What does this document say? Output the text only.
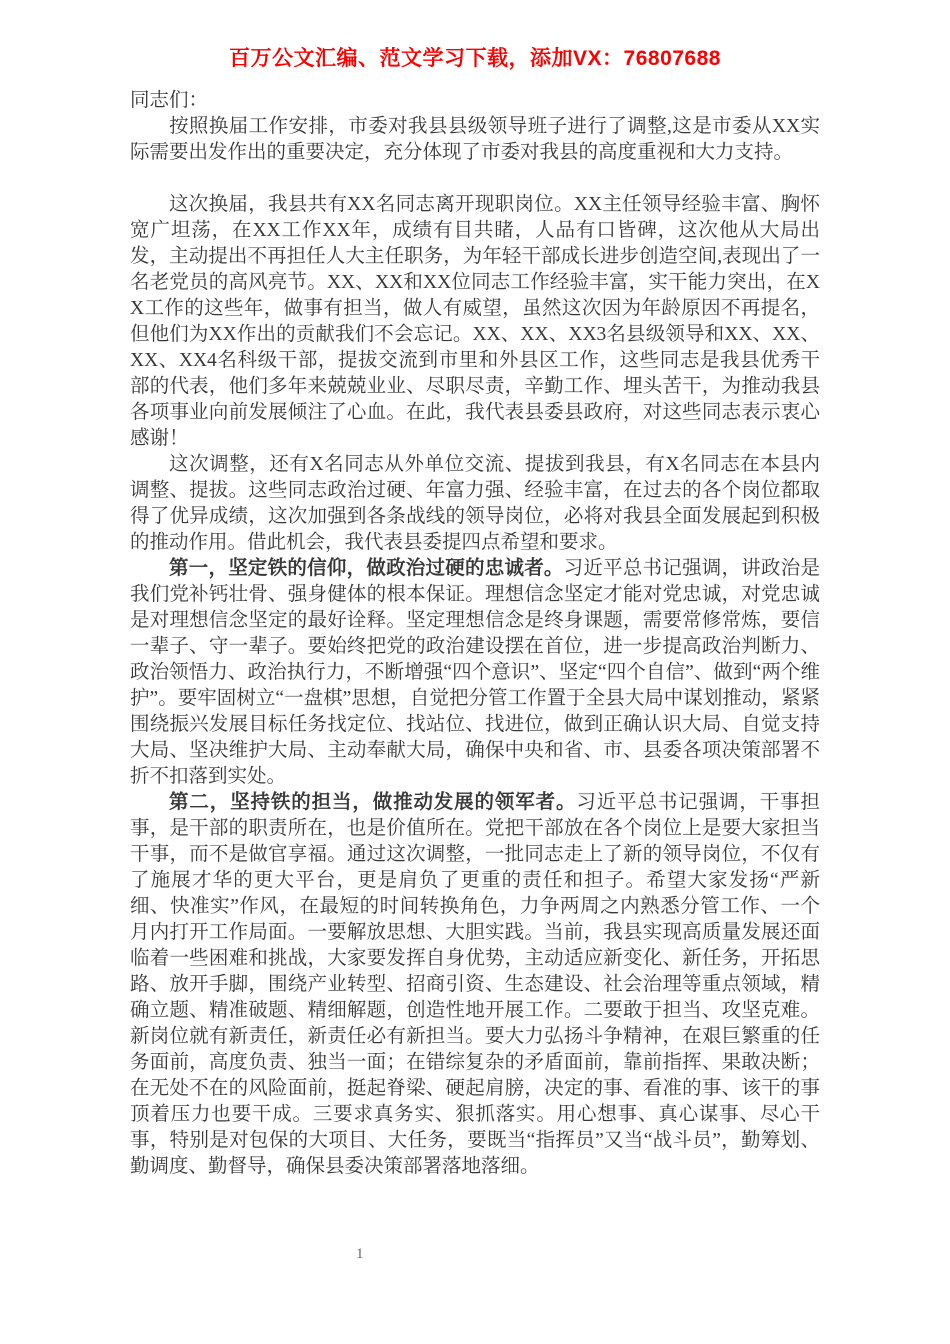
百万公文汇编、范文学习下载，添加VX：76807688

同志们：

按照换届工作安排，市委对我县县级领导班子进行了调整,这是市委从XX实际需要出发作出的重要决定，充分体现了市委对我县的高度重视和大力支持。

这次换届，我县共有XX名同志离开现职岗位。XX主任领导经验丰富、胸怀宽广坦荡，在XX工作XX年，成绩有目共睹，人品有口皆碑，这次他从大局出发，主动提出不再担任人大主任职务，为年轻干部成长进步创造空间,表现出了一名老党员的高风亮节。XX、XX和XX位同志工作经验丰富，实干能力突出，在XX工作的这些年，做事有担当，做人有威望，虽然这次因为年龄原因不再提名，但他们为XX作出的贡献我们不会忘记。XX、XX、XX3名县级领导和XX、XX、XX、XX4名科级干部，提拔交流到市里和外县区工作，这些同志是我县优秀干部的代表，他们多年来兢兢业业、尽职尽责，辛勤工作、埋头苦干，为推动我县各项事业向前发展倾注了心血。在此，我代表县委县政府，对这些同志表示衷心感谢！

这次调整，还有X名同志从外单位交流、提拔到我县，有X名同志在本县内调整、提拔。这些同志政治过硬、年富力强、经验丰富，在过去的各个岗位都取得了优异成绩，这次加强到各条战线的领导岗位，必将对我县全面发展起到积极的推动作用。借此机会，我代表县委提四点希望和要求。

第一，坚定铁的信仰，做政治过硬的忠诚者。习近平总书记强调，讲政治是我们党补钙壮骨、强身健体的根本保证。理想信念坚定才能对党忠诚，对党忠诚是对理想信念坚定的最好诠释。坚定理想信念是终身课题，需要常修常炼，要信一辈子、守一辈子。要始终把党的政治建设摆在首位，进一步提高政治判断力、政治领悟力、政治执行力，不断增强“四个意识”、坚定“四个自信”、做到“两个维护”。要牢固树立“一盘棋”思想，自觉把分管工作置于全县大局中谋划推动，紧紧围绕振兴发展目标任务找定位、找站位、找进位，做到正确认识大局、自觉支持大局、坚决维护大局、主动奉献大局，确保中央和省、市、县委各项决策部署不折不扣落到实处。

第二，坚持铁的担当，做推动发展的领军者。习近平总书记强调，干事担事，是干部的职责所在，也是价值所在。党把干部放在各个岗位上是要大家担当干事，而不是做官享福。通过这次调整，一批同志走上了新的领导岗位，不仅有了施展才华的更大平台，更是肩负了更重的责任和担子。希望大家发扬“严新细、快准实”作风，在最短的时间转换角色，力争两周之内熟悉分管工作、一个月内打开工作局面。一要解放思想、大胆实践。当前，我县实现高质量发展还面临着一些困难和挑战，大家要发挥自身优势，主动适应新变化、新任务，开拓思路、放开手脚，围绕产业转型、招商引资、生态建设、社会治理等重点领域，精确立题、精准破题、精细解题，创造性地开展工作。二要敢于担当、攻坚克难。新岗位就有新责任，新责任必有新担当。要大力弘扬斗争精神，在艰巨繁重的任务面前，高度负责、独当一面；在错综复杂的矛盾面前，靠前指挥、果敢决断；在无处不在的风险面前，挺起脊梁、硬起肩膀，决定的事、看准的事、该干的事顶着压力也要干成。三要求真务实、狠抓落实。用心想事、真心谋事、尽心干事，特别是对包保的大项目、大任务，要既当“指挥员”又当“战斗员”，勤筹划、勤调度、勤督导，确保县委决策部署落地落细。

1
